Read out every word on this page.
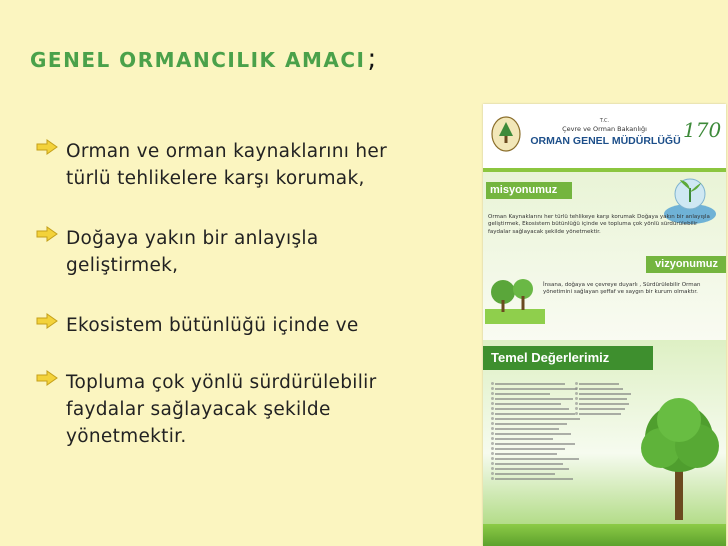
GENEL ORMANCILIK AMACI;
Orman ve orman kaynaklarını her
türlü tehlikelere karşı korumak,
Doğaya yakın bir anlayışla
geliştirmek,
Ekosistem bütünlüğü içinde ve
Topluma çok yönlü sürdürülebilir
faydalar sağlayacak şekilde
yönetmektir.
T.C.
Çevre ve Orman Bakanlığı
ORMAN GENEL MÜDÜRLÜĞÜ 170
misyonumuz
Orman Kaynaklarını her türlü tehlikeye karşı korumak Doğaya yakın bir anlayışla geliştirmek, Ekosistem bütünlüğü içinde ve topluma çok yönlü sürdürülebilir faydalar sağlayacak şekilde yönetmektir.
vizyonumuz
İnsana, doğaya ve çevreye duyarlı , Sürdürülebilir Orman yönetimini sağlayan şeffaf ve saygın bir kurum olmaktır.
Temel Değerlerimiz
